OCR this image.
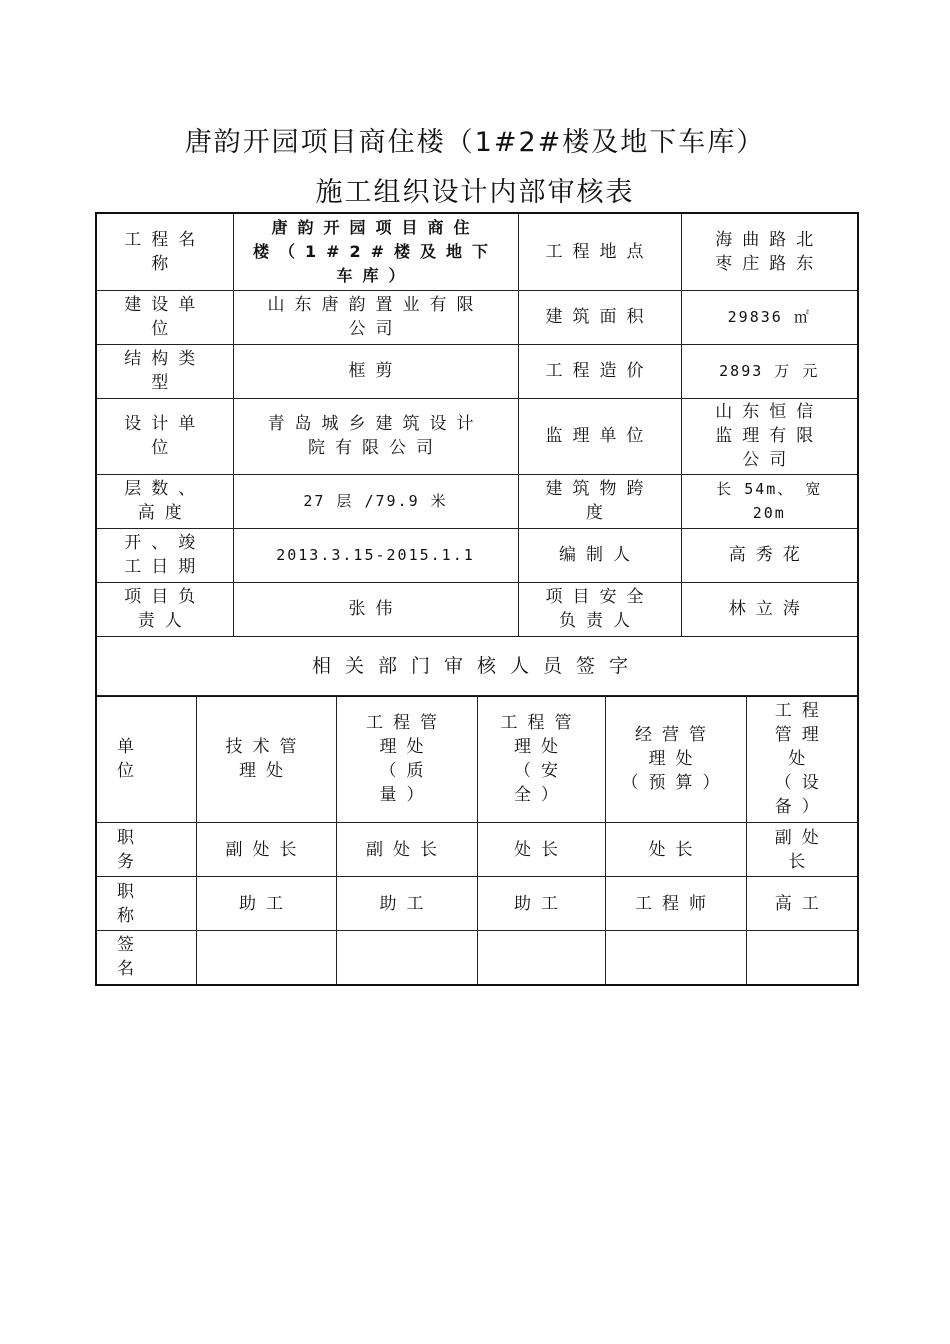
唐韵开园项目商住楼（1#2#楼及地下车库）
施工组织设计内部审核表
工程名
称	唐韵开园项目商住
楼（1#2#楼及地下
车库）	工程地点	海曲路北
枣庄路东

建设单
位	山东唐韵置业有限
公司	建筑面积	29836 ㎡

结构类
型	框剪	工程造价	2893 万 元

设计单
位	青岛城乡建筑设计
院有限公司	监理单位	山东恒信
监理有限
公司

层数、
高度	27 层 /79.9 米	建筑物跨
度	长 54m、 宽
20m

开、竣
工日期	2013.3.15-2015.1.1	编制人	高秀花

项目负
责人	张伟	项目安全
负责人	林立涛

相关部门审核人员签字			
单
位	技术管
理处	工程管
理处
（质
量）	工程管
理处
（安
全）	经营管
理处
（预算）	工程
管理
处
（设
备）

职
务	副处长	副处长	处长	处长	副处
长

职
称	助工	助工	助工	工程师	高工

签
名					
